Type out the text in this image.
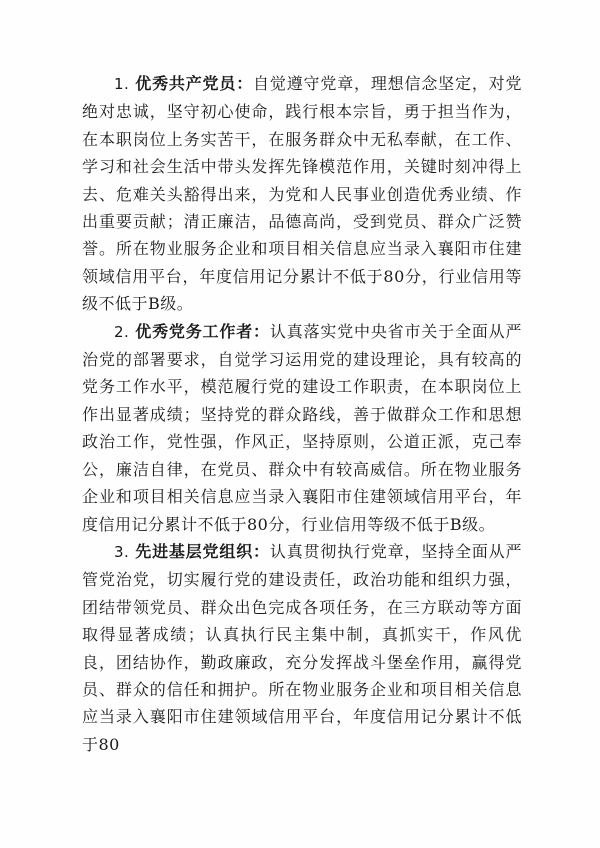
1. 优秀共产党员：自觉遵守党章，理想信念坚定，对党绝对忠诚，坚守初心使命，践行根本宗旨，勇于担当作为，在本职岗位上务实苦干，在服务群众中无私奉献，在工作、学习和社会生活中带头发挥先锋模范作用，关键时刻冲得上去、危难关头豁得出来，为党和人民事业创造优秀业绩、作出重要贡献；清正廉洁，品德高尚，受到党员、群众广泛赞誉。所在物业服务企业和项目相关信息应当录入襄阳市住建领域信用平台，年度信用记分累计不低于80分，行业信用等级不低于B级。

2. 优秀党务工作者：认真落实党中央省市关于全面从严治党的部署要求，自觉学习运用党的建设理论，具有较高的党务工作水平，模范履行党的建设工作职责，在本职岗位上作出显著成绩；坚持党的群众路线，善于做群众工作和思想政治工作，党性强，作风正，坚持原则，公道正派，克己奉公，廉洁自律，在党员、群众中有较高威信。所在物业服务企业和项目相关信息应当录入襄阳市住建领域信用平台，年度信用记分累计不低于80分，行业信用等级不低于B级。

3. 先进基层党组织：认真贯彻执行党章，坚持全面从严管党治党，切实履行党的建设责任，政治功能和组织力强，团结带领党员、群众出色完成各项任务，在三方联动等方面取得显著成绩；认真执行民主集中制，真抓实干，作风优良，团结协作，勤政廉政，充分发挥战斗堡垒作用，赢得党员、群众的信任和拥护。所在物业服务企业和项目相关信息应当录入襄阳市住建领域信用平台，年度信用记分累计不低于80
